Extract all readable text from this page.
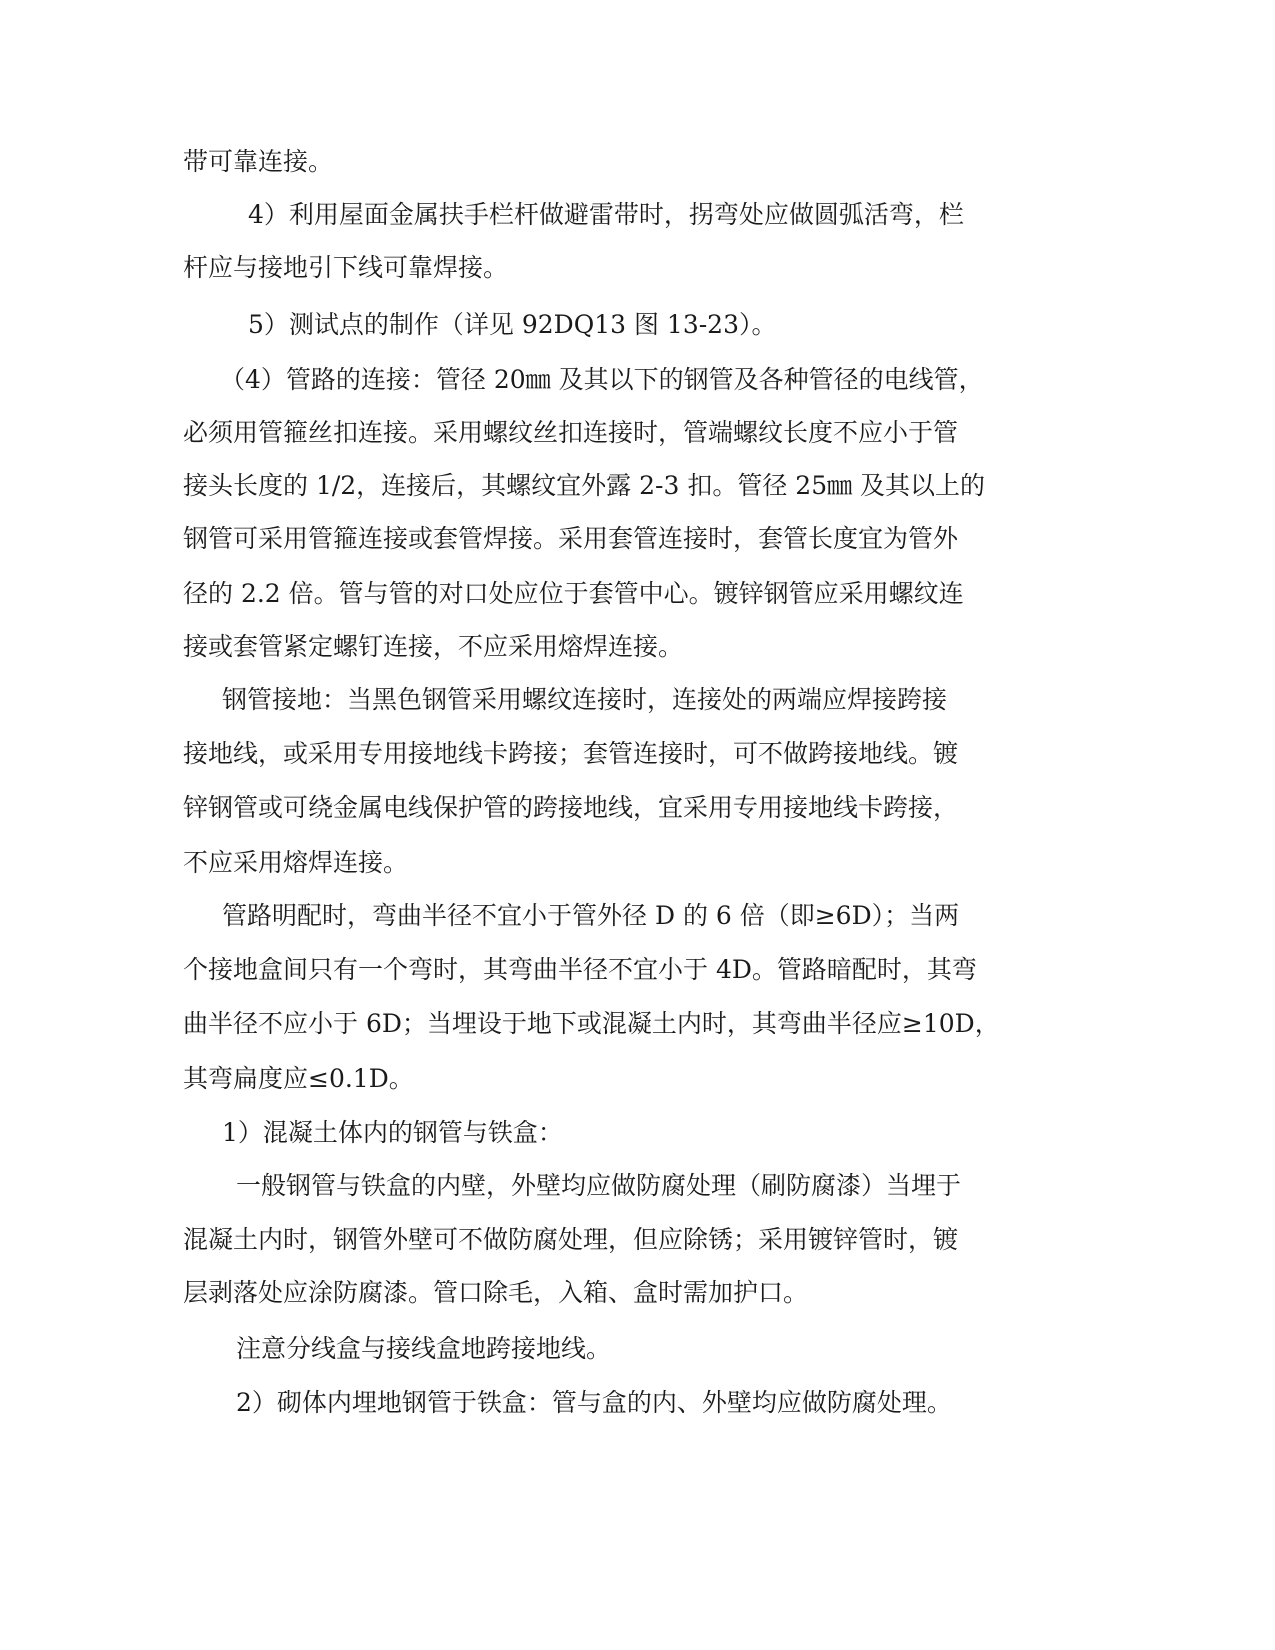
带可靠连接。

4）利用屋面金属扶手栏杆做避雷带时，拐弯处应做圆弧活弯，栏

杆应与接地引下线可靠焊接。

5）测试点的制作（详见 92DQ13 图 13-23）。

（4）管路的连接：管径 20㎜ 及其以下的钢管及各种管径的电线管，

必须用管箍丝扣连接。采用螺纹丝扣连接时，管端螺纹长度不应小于管

接头长度的 1/2，连接后，其螺纹宜外露 2-3 扣。管径 25㎜ 及其以上的

钢管可采用管箍连接或套管焊接。采用套管连接时，套管长度宜为管外

径的 2.2 倍。管与管的对口处应位于套管中心。镀锌钢管应采用螺纹连

接或套管紧定螺钉连接，不应采用熔焊连接。

钢管接地：当黑色钢管采用螺纹连接时，连接处的两端应焊接跨接

接地线，或采用专用接地线卡跨接；套管连接时，可不做跨接地线。镀

锌钢管或可绕金属电线保护管的跨接地线，宜采用专用接地线卡跨接，

不应采用熔焊连接。

管路明配时，弯曲半径不宜小于管外径 D 的 6 倍（即≥6D）；当两

个接地盒间只有一个弯时，其弯曲半径不宜小于 4D。管路暗配时，其弯

曲半径不应小于 6D；当埋设于地下或混凝土内时，其弯曲半径应≥10D，

其弯扁度应≤0.1D。

1）混凝土体内的钢管与铁盒：

一般钢管与铁盒的内壁，外壁均应做防腐处理（刷防腐漆）当埋于

混凝土内时，钢管外壁可不做防腐处理，但应除锈；采用镀锌管时，镀

层剥落处应涂防腐漆。管口除毛，入箱、盒时需加护口。

注意分线盒与接线盒地跨接地线。

2）砌体内埋地钢管于铁盒：管与盒的内、外壁均应做防腐处理。
